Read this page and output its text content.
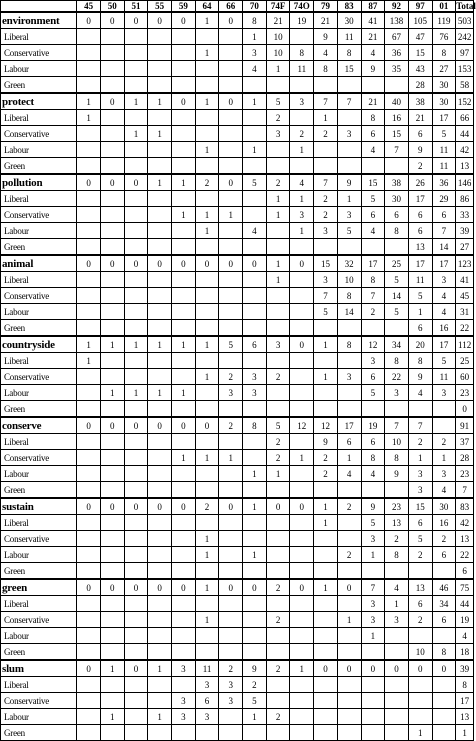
	45	50	51	55	59	64	66	70	74F	74O	79	83	87	92	97	01	Total
environment	0	0	0	0	0	1	0	8	21	19	21	30	41	138	105	119	503
Liberal								1	10		9	11	21	67	47	76	242
Conservative						1		3	10	8	4	8	4	36	15	8	97
Labour								4	1	11	8	15	9	35	43	27	153
Green															28	30	58
protect	1	0	1	1	0	1	0	1	5	3	7	7	21	40	38	30	152
Liberal	1								2		1		8	16	21	17	66
Conservative			1	1					3	2	2	3	6	15	6	5	44
Labour						1		1		1			4	7	9	11	42
Green															2	11	13
pollution	0	0	0	1	1	2	0	5	2	4	7	9	15	38	26	36	146
Liberal									1	1	2	1	5	30	17	29	86
Conservative					1	1	1		1	3	2	3	6	6	6	6	33
Labour						1		4		1	3	5	4	8	6	7	39
Green															13	14	27
animal	0	0	0	0	0	0	0	0	1	0	15	32	17	25	17	17	123
Liberal									1		3	10	8	5	11	3	41
Conservative											7	8	7	14	5	4	45
Labour											5	14	2	5	1	4	31
Green															6	16	22
countryside	1	1	1	1	1	1	5	6	3	0	1	8	12	34	20	17	112
Liberal	1												3	8	8	5	25
Conservative						1	2	3	2		1	3	6	22	9	11	60
Labour		1	1	1	1		3	3					5	3	4	3	23
Green																	0
conserve	0	0	0	0	0	0	2	8	5	12	12	17	19	7	7		91
Liberal									2		9	6	6	10	2	2	37
Conservative					1	1	1		2	1	2	1	8	8	1	1	28
Labour								1	1		2	4	4	9	3	3	23
Green															3	4	7
sustain	0	0	0	0	0	2	0	1	0	0	1	2	9	23	15	30	83
Liberal											1		5	13	6	16	42
Conservative						1							3	2	5	2	13
Labour						1		1				2	1	8	2	6	22
Green																	6
green	0	0	0	0	0	1	0	0	2	0	1	0	7	4	13	46	75
Liberal													3	1	6	34	44
Conservative						1			2			1	3	3	2	6	19
Labour													1				4
Green															10	8	18
slum	0	1	0	1	3	11	2	9	2	1	0	0	0	0	0	0	39
Liberal						3	3	2									8
Conservative					3	6	3	5									17
Labour		1		1	3	3		1	2								13
Green															1		1
